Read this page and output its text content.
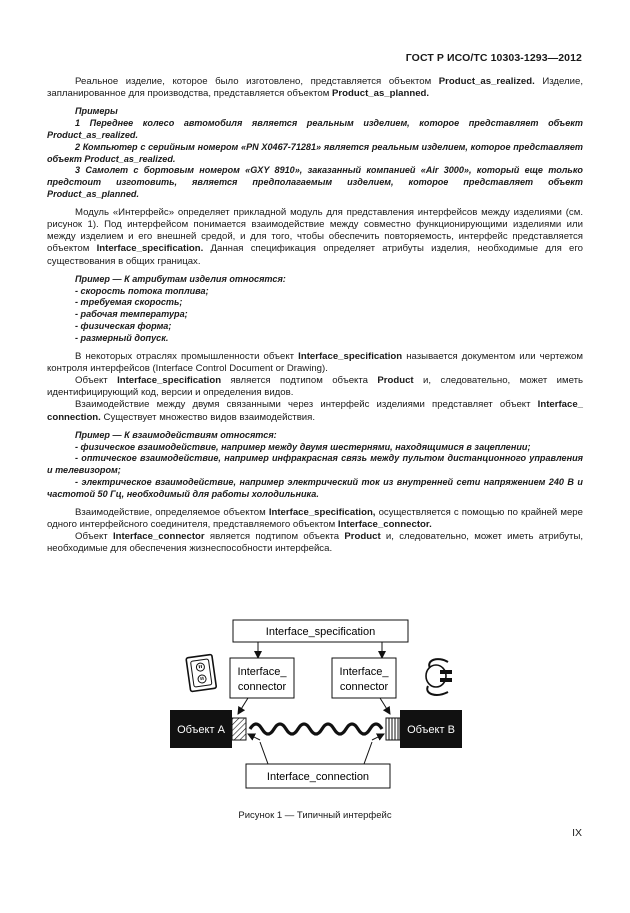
ГОСТ Р ИСО/ТС 10303-1293—2012

Реальное изделие, которое было изготовлено, представляется объектом Product_as_realized. Изделие, запланированное для производства, представляется объектом Product_as_planned.

Примеры

1 Переднее колесо автомобиля является реальным изделием, которое представляет объект Product_as_realized.

2 Компьютер с серийным номером «PN X0467-71281» является реальным изделием, которое представляет объект Product_as_realized.

3 Самолет с бортовым номером «GXY 8910», заказанный компанией «Air 3000», который еще только предстоит изготовить, является предполагаемым изделием, которое представляет объект Product_as_planned.

Модуль «Интерфейс» определяет прикладной модуль для представления интерфейсов между изделиями (см. рисунок 1). Под интерфейсом понимается взаимодействие между совместно функционирующими изделиями или между изделием и его внешней средой, и для того, чтобы обеспечить повторяемость, интерфейс представляется объектом Interface_specification. Данная спецификация определяет атрибуты изделия, необходимые для его существования в общих границах.

Пример — К атрибутам изделия относятся:

- скорость потока топлива;
- требуемая скорость;
- рабочая температура;
- физическая форма;
- размерный допуск.

В некоторых отраслях промышленности объект Interface_specification называется документом или чертежом контроля интерфейсов (Interface Control Document or Drawing).

Объект Interface_specification является подтипом объекта Product и, следовательно, может иметь идентифицирующий код, версии и определения видов.

Взаимодействие между двумя связанными через интерфейс изделиями представляет объект Interface_ connection. Существует множество видов взаимодействия.

Пример — К взаимодействиям относятся:

- физическое взаимодействие, например между двумя шестернями, находящимися в зацеплении;

- оптическое взаимодействие, например инфракрасная связь между пультом дистанционного управления и телевизором;

- электрическое взаимодействие, например электрический ток из внутренней сети напряжением 240 В и частотой 50 Гц, необходимый для работы холодильника.

Взаимодействие, определяемое объектом Interface_specification, осуществляется с помощью по крайней мере одного интерфейсного соединителя, представляемого объектом Interface_connector.

Объект Interface_connector является подтипом объекта Product и, следовательно, может иметь атрибуты, необходимые для обеспечения жизнеспособности интерфейса.

Interface_specification
Interface_
connector
Interface_
connector
Объект A	Объект B
Interface_connection
Рисунок 1 — Типичный интерфейс
IX
